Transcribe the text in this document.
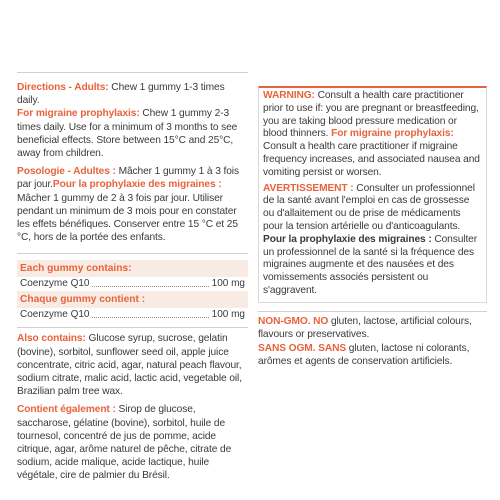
Directions - Adults: Chew 1 gummy 1-3 times daily.
For migraine prophylaxis: Chew 1 gummy 2-3 times daily. Use for a minimum of 3 months to see beneficial effects. Store between 15°C and 25°C, away from children.

Posologie - Adultes : Mâcher 1 gummy 1 à 3 fois par jour.Pour la prophylaxie des migraines : Mâcher 1 gummy de 2 à 3 fois par jour. Utiliser pendant un minimum de 3 mois pour en constater les effets bénéfiques. Conserver entre 15 °C et 25 °C, hors de la portée des enfants.

Each gummy contains:
Coenzyme Q10	100 mg
Chaque gummy contient :
Coenzyme Q10	100 mg

Also contains: Glucose syrup, sucrose, gelatin (bovine), sorbitol, sunflower seed oil, apple juice concentrate, citric acid, agar, natural peach flavour, sodium citrate, malic acid, lactic acid, vegetable oil, Brazilian palm tree wax.

Contient également : Sirop de glucose, saccharose, gélatine (bovine), sorbitol, huile de tournesol, concentré de jus de pomme, acide citrique, agar, arôme naturel de pêche, citrate de sodium, acide malique, acide lactique, huile végétale, cire de palmier du Brésil.

WARNING: Consult a health care practitioner prior to use if: you are pregnant or breastfeeding, you are taking blood pressure medication or blood thinners. For migraine prophylaxis: Consult a health care practitioner if migraine frequency increases, and associated nausea and vomiting persist or worsen.

AVERTISSEMENT : Consulter un professionnel de la santé avant l'emploi en cas de grossesse ou d'allaitement ou de prise de médicaments pour la tension artérielle ou d'anticoagulants. Pour la prophylaxie des migraines : Consulter un professionnel de la santé si la fréquence des migraines augmente et des nausées et des vomissements associés persistent ou s'aggravent.

NON-GMO. NO gluten, lactose, artificial colours, flavours or preservatives.

SANS OGM. SANS gluten, lactose ni colorants, arômes et agents de conservation artificiels.
